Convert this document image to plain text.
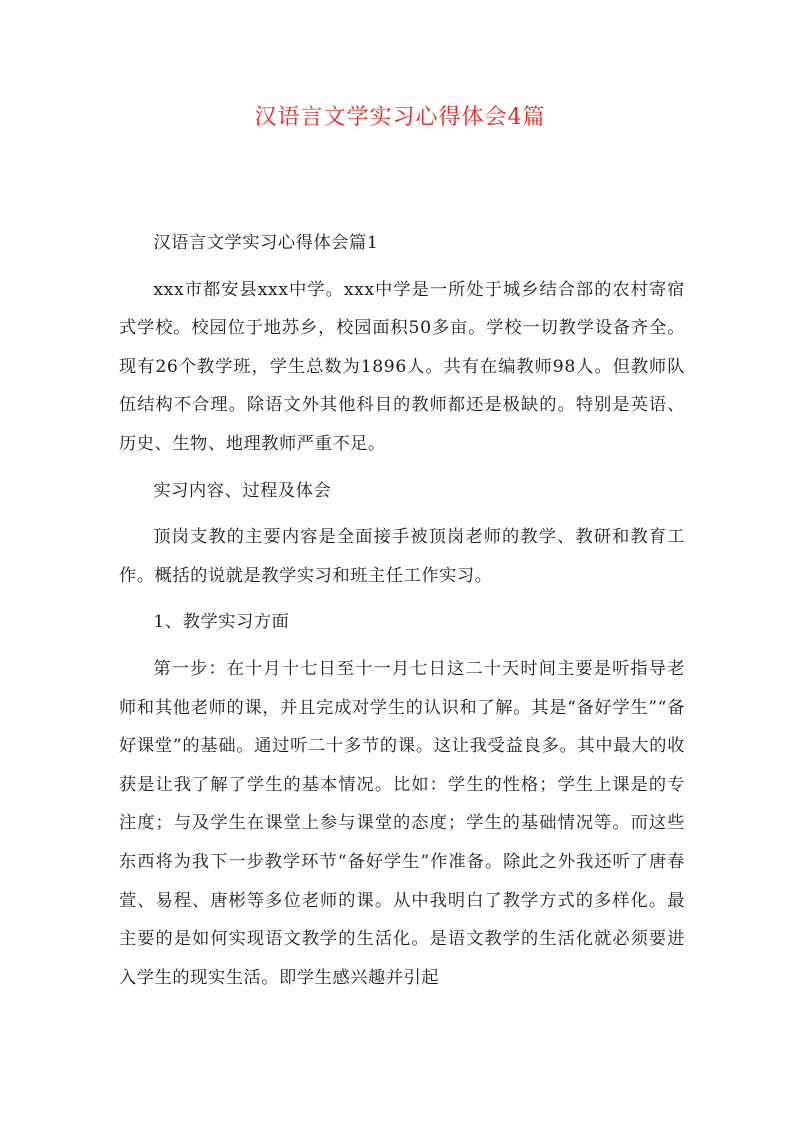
汉语言文学实习心得体会4篇

汉语言文学实习心得体会篇1

xxx市都安县xxx中学。xxx中学是一所处于城乡结合部的农村寄宿式学校。校园位于地苏乡，校园面积50多亩。学校一切教学设备齐全。现有26个教学班，学生总数为1896人。共有在编教师98人。但教师队伍结构不合理。除语文外其他科目的教师都还是极缺的。特别是英语、历史、生物、地理教师严重不足。

实习内容、过程及体会

顶岗支教的主要内容是全面接手被顶岗老师的教学、教研和教育工作。概括的说就是教学实习和班主任工作实习。

1、教学实习方面

第一步：在十月十七日至十一月七日这二十天时间主要是听指导老师和其他老师的课，并且完成对学生的认识和了解。其是“备好学生”“备好课堂”的基础。通过听二十多节的课。这让我受益良多。其中最大的收获是让我了解了学生的基本情况。比如：学生的性格；学生上课是的专注度；与及学生在课堂上参与课堂的态度；学生的基础情况等。而这些东西将为我下一步教学环节“备好学生”作准备。除此之外我还听了唐春萱、易程、唐彬等多位老师的课。从中我明白了教学方式的多样化。最主要的是如何实现语文教学的生活化。是语文教学的生活化就必须要进入学生的现实生活。即学生感兴趣并引起
